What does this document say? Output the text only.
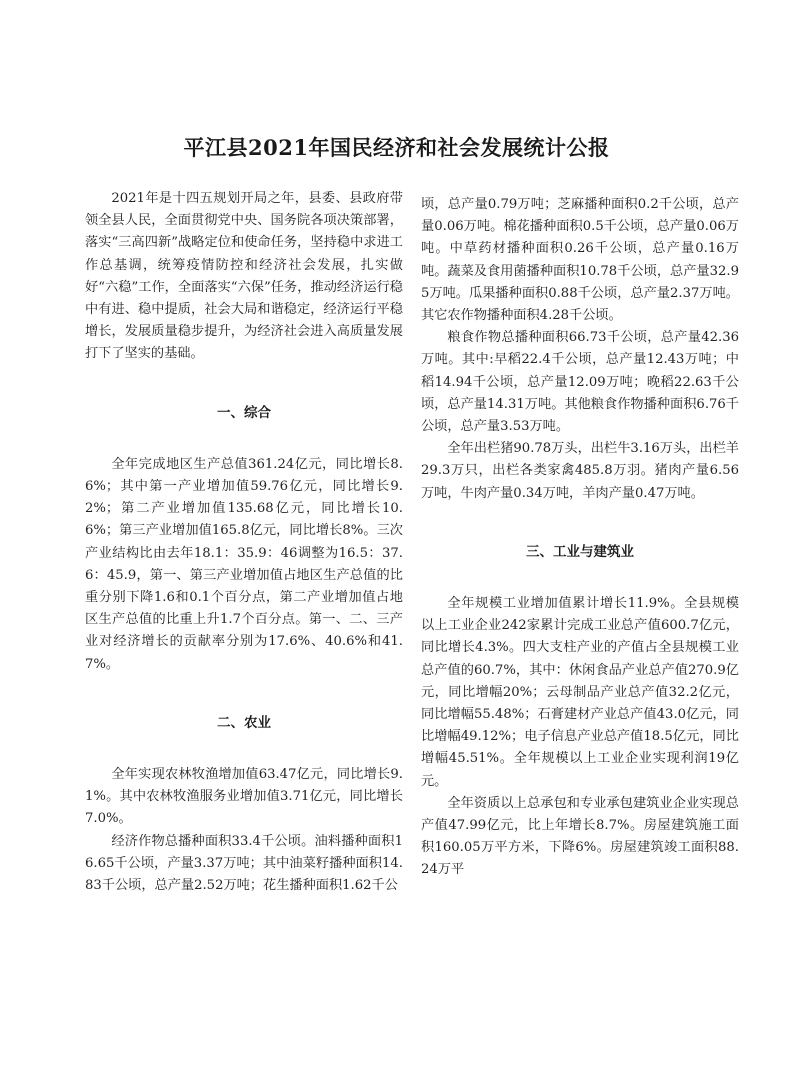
平江县2021年国民经济和社会发展统计公报

2021年是十四五规划开局之年，县委、县政府带领全县人民，全面贯彻党中央、国务院各项决策部署，落实“三高四新”战略定位和使命任务，坚持稳中求进工作总基调，统筹疫情防控和经济社会发展，扎实做好“六稳”工作，全面落实“六保”任务，推动经济运行稳中有进、稳中提质，社会大局和谐稳定，经济运行平稳增长，发展质量稳步提升，为经济社会进入高质量发展打下了坚实的基础。

一、综合

全年完成地区生产总值361.24亿元，同比增长8.6%；其中第一产业增加值59.76亿元，同比增长9.2%；第二产业增加值135.68亿元，同比增长10.6%；第三产业增加值165.8亿元，同比增长8%。三次产业结构比由去年18.1：35.9：46调整为16.5：37.6：45.9，第一、第三产业增加值占地区生产总值的比重分别下降1.6和0.1个百分点，第二产业增加值占地区生产总值的比重上升1.7个百分点。第一、二、三产业对经济增长的贡献率分别为17.6%、40.6%和41.7%。

二、农业

全年实现农林牧渔增加值63.47亿元，同比增长9.1%。其中农林牧渔服务业增加值3.71亿元，同比增长7.0%。

经济作物总播种面积33.4千公顷。油料播种面积16.65千公顷，产量3.37万吨；其中油菜籽播种面积14.83千公顷，总产量2.52万吨；花生播种面积1.62千公

顷，总产量0.79万吨；芝麻播种面积0.2千公顷，总产量0.06万吨。棉花播种面积0.5千公顷，总产量0.06万吨。中草药材播种面积0.26千公顷，总产量0.16万吨。蔬菜及食用菌播种面积10.78千公顷，总产量32.95万吨。瓜果播种面积0.88千公顷，总产量2.37万吨。其它农作物播种面积4.28千公顷。

粮食作物总播种面积66.73千公顷，总产量42.36万吨。其中:早稻22.4千公顷，总产量12.43万吨；中稻14.94千公顷，总产量12.09万吨；晚稻22.63千公顷，总产量14.31万吨。其他粮食作物播种面积6.76千公顷，总产量3.53万吨。

全年出栏猪90.78万头，出栏牛3.16万头，出栏羊29.3万只，出栏各类家禽485.8万羽。猪肉产量6.56万吨，牛肉产量0.34万吨，羊肉产量0.47万吨。

三、工业与建筑业

全年规模工业增加值累计增长11.9%。全县规模以上工业企业242家累计完成工业总产值600.7亿元，同比增长4.3%。四大支柱产业的产值占全县规模工业总产值的60.7%，其中：休闲食品产业总产值270.9亿元，同比增幅20%；云母制品产业总产值32.2亿元，同比增幅55.48%；石膏建材产业总产值43.0亿元，同比增幅49.12%；电子信息产业总产值18.5亿元，同比增幅45.51%。全年规模以上工业企业实现利润19亿元。

全年资质以上总承包和专业承包建筑业企业实现总产值47.99亿元，比上年增长8.7%。房屋建筑施工面积160.05万平方米，下降6%。房屋建筑竣工面积88.24万平
